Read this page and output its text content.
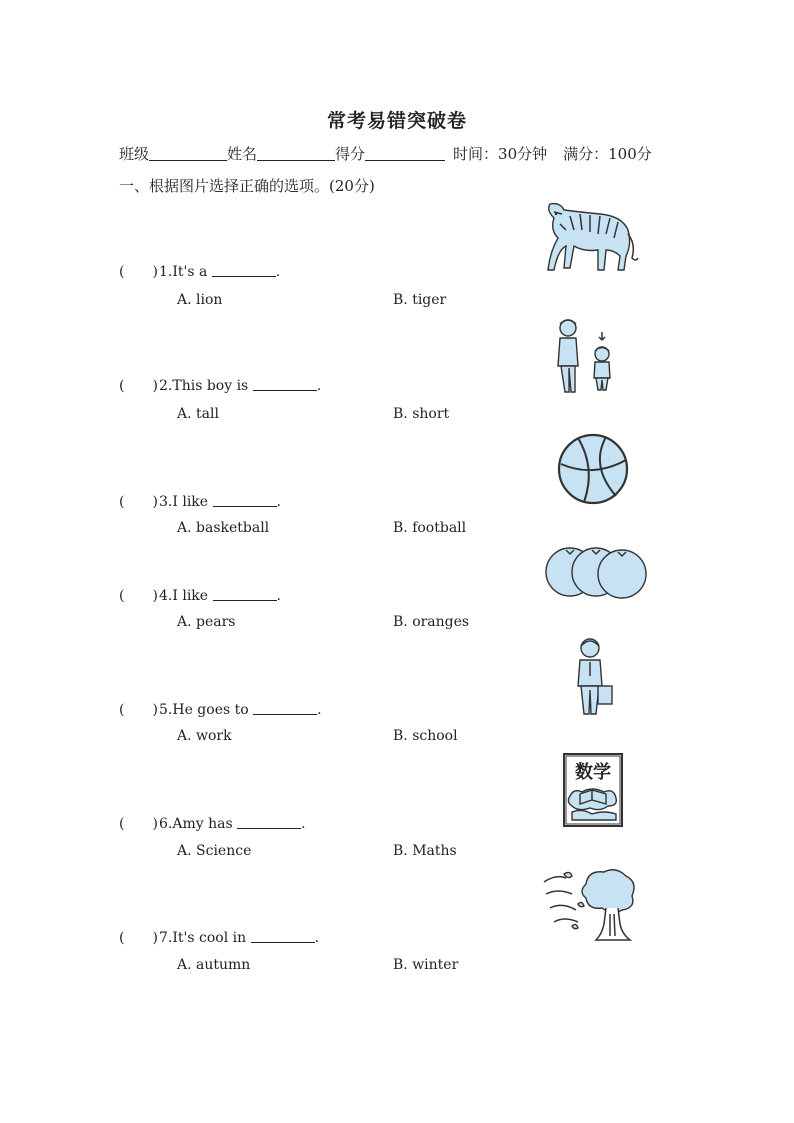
常考易错突破卷
班级	姓名	得分	时间：30分钟 满分：100分
一、根据图片选择正确的选项。(20分)
( )1.It's a	.
A. lion	B. tiger
( )2.This boy is	.
A. tall	B. short
( )3.I like	.
A. basketball	B. football
( )4.I like	.
A. pears	B. oranges
( )5.He goes to	.
A. work	B. school
( )6.Amy has	.
A. Science	B. Maths
( )7.It's cool in	.
A. autumn	B. winter
数学
